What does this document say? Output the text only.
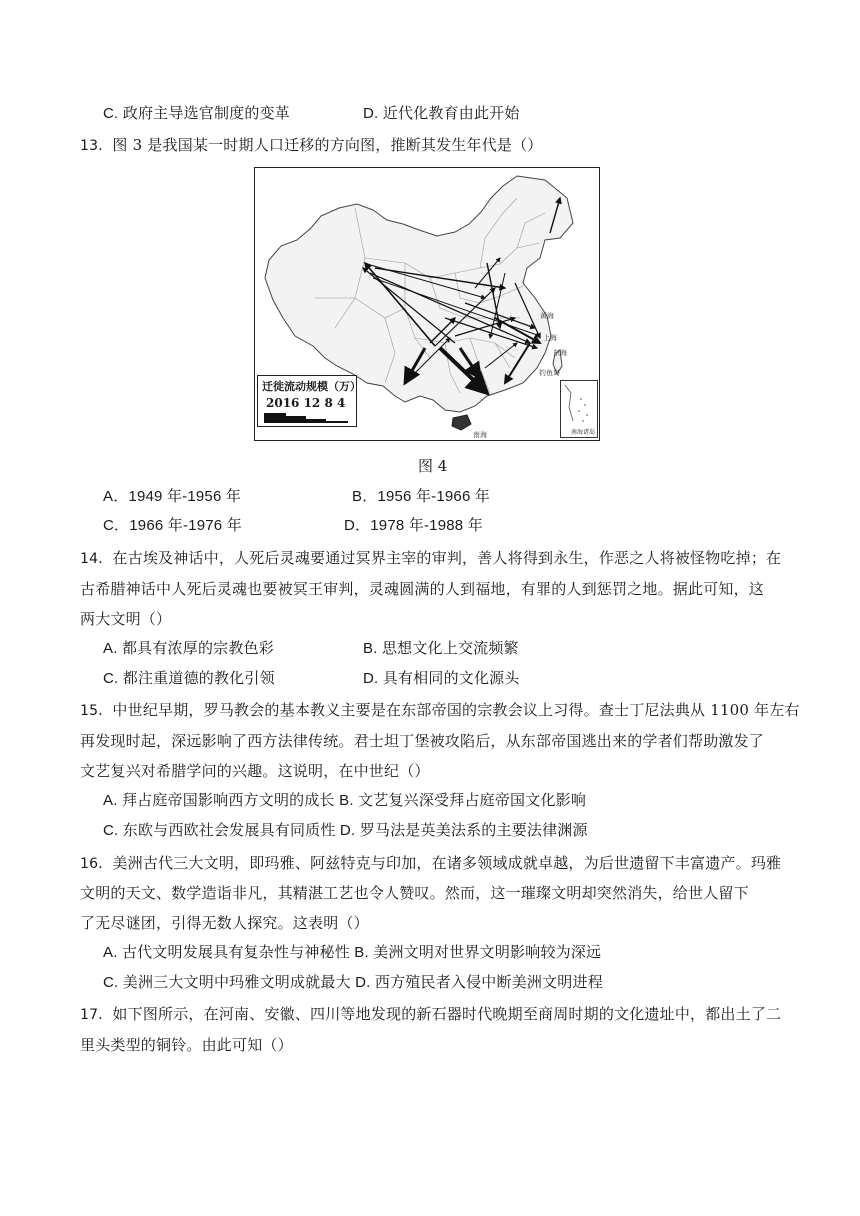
C. 政府主导选官制度的变革	D. 近代化教育由此开始
13．图 3 是我国某一时期人口迁移的方向图，推断其发生年代是（）
黄海
上海
东海
钓鱼岛
南海
迁徙流动规模（万）
2016 12 8 4
南海诸岛
图 4
A．1949 年-1956 年	B．1956 年-1966 年
C．1966 年-1976 年	D．1978 年-1988 年
14．在古埃及神话中，人死后灵魂要通过冥界主宰的审判，善人将得到永生，作恶之人将被怪物吃掉；在
古希腊神话中人死后灵魂也要被冥王审判，灵魂圆满的人到福地，有罪的人到惩罚之地。据此可知，这
两大文明（）
A. 都具有浓厚的宗教色彩	B. 思想文化上交流频繁
C. 都注重道德的教化引领	D. 具有相同的文化源头
15．中世纪早期，罗马教会的基本教义主要是在东部帝国的宗教会议上习得。查士丁尼法典从 1100 年左右
再发现时起，深远影响了西方法律传统。君士坦丁堡被攻陷后，从东部帝国逃出来的学者们帮助激发了
文艺复兴对希腊学问的兴趣。这说明，在中世纪（）
A. 拜占庭帝国影响西方文明的成长 B. 文艺复兴深受拜占庭帝国文化影响
C. 东欧与西欧社会发展具有同质性 D. 罗马法是英美法系的主要法律渊源
16．美洲古代三大文明，即玛雅、阿兹特克与印加，在诸多领域成就卓越，为后世遗留下丰富遗产。玛雅
文明的天文、数学造诣非凡，其精湛工艺也令人赞叹。然而，这一璀璨文明却突然消失，给世人留下
了无尽谜团，引得无数人探究。这表明（）
A. 古代文明发展具有复杂性与神秘性 B. 美洲文明对世界文明影响较为深远
C. 美洲三大文明中玛雅文明成就最大 D. 西方殖民者入侵中断美洲文明进程
17．如下图所示，在河南、安徽、四川等地发现的新石器时代晚期至商周时期的文化遗址中，都出土了二
里头类型的铜铃。由此可知（）
